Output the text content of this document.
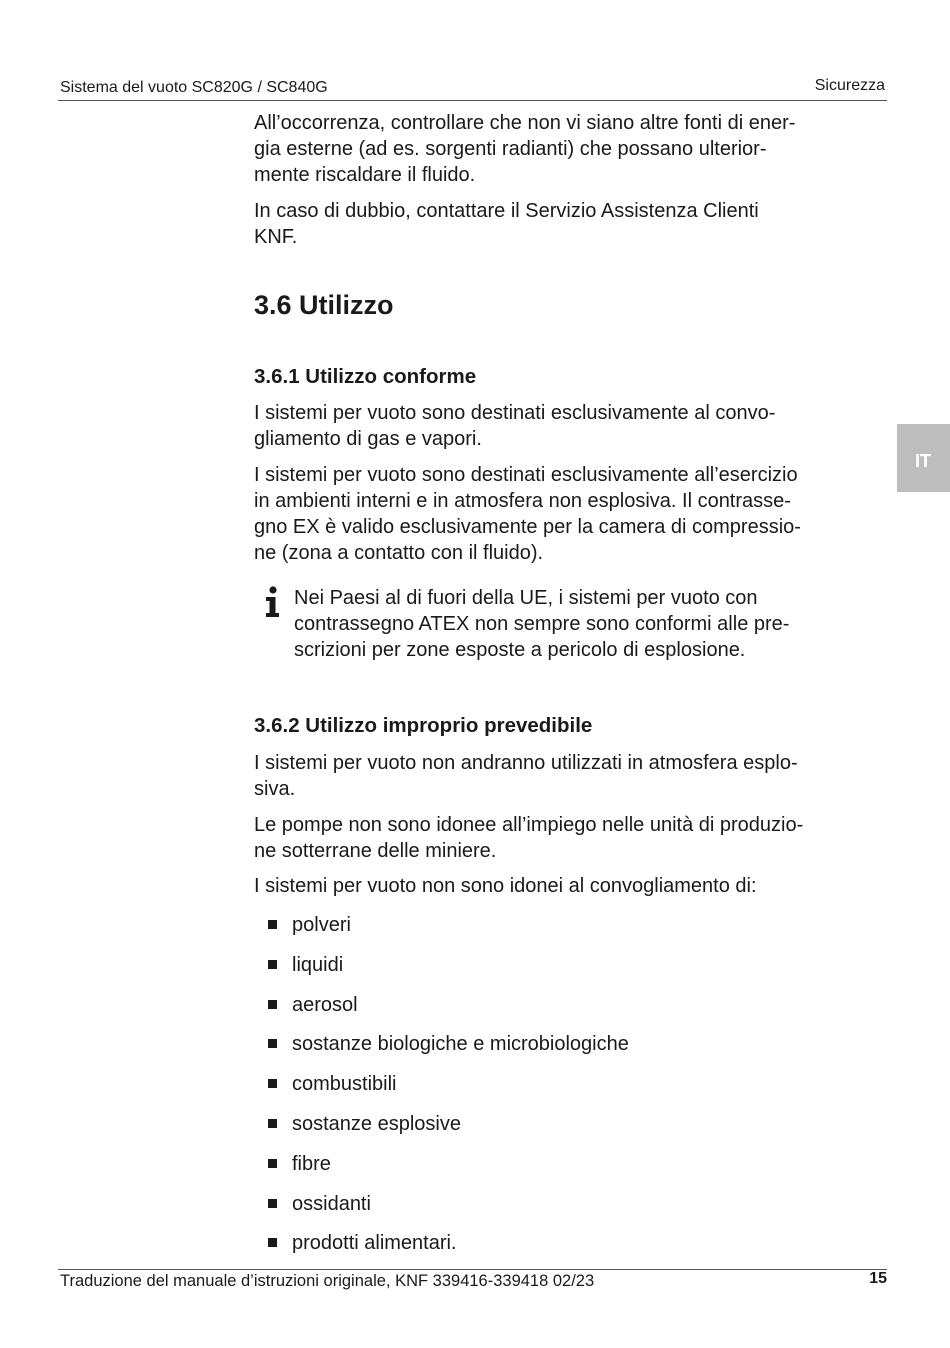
Sistema del vuoto SC820G / SC840G	Sicurezza

All’occorrenza, controllare che non vi siano altre fonti di ener-

gia esterne (ad es. sorgenti radianti) che possano ulterior-

mente riscaldare il fluido.

In caso di dubbio, contattare il Servizio Assistenza Clienti

KNF.

3.6 Utilizzo
3.6.1 Utilizzo conforme

I sistemi per vuoto sono destinati esclusivamente al convo-

gliamento di gas e vapori.

I sistemi per vuoto sono destinati esclusivamente all’esercizio

in ambienti interni e in atmosfera non esplosiva. Il contrasse-

gno EX è valido esclusivamente per la camera di compressio-

ne (zona a contatto con il fluido).

Nei Paesi al di fuori della UE, i sistemi per vuoto con
contrassegno ATEX non sempre sono conformi alle pre-
scrizioni per zone esposte a pericolo di esplosione.
3.6.2 Utilizzo improprio prevedibile

I sistemi per vuoto non andranno utilizzati in atmosfera esplo-

siva.

Le pompe non sono idonee all’impiego nelle unità di produzio-

ne sotterrane delle miniere.

I sistemi per vuoto non sono idonei al convogliamento di:

polveri
liquidi
aerosol
sostanze biologiche e microbiologiche
combustibili
sostanze esplosive
fibre
ossidanti
prodotti alimentari.
IT
Traduzione del manuale d’istruzioni originale, KNF 339416-339418 02/23	15
